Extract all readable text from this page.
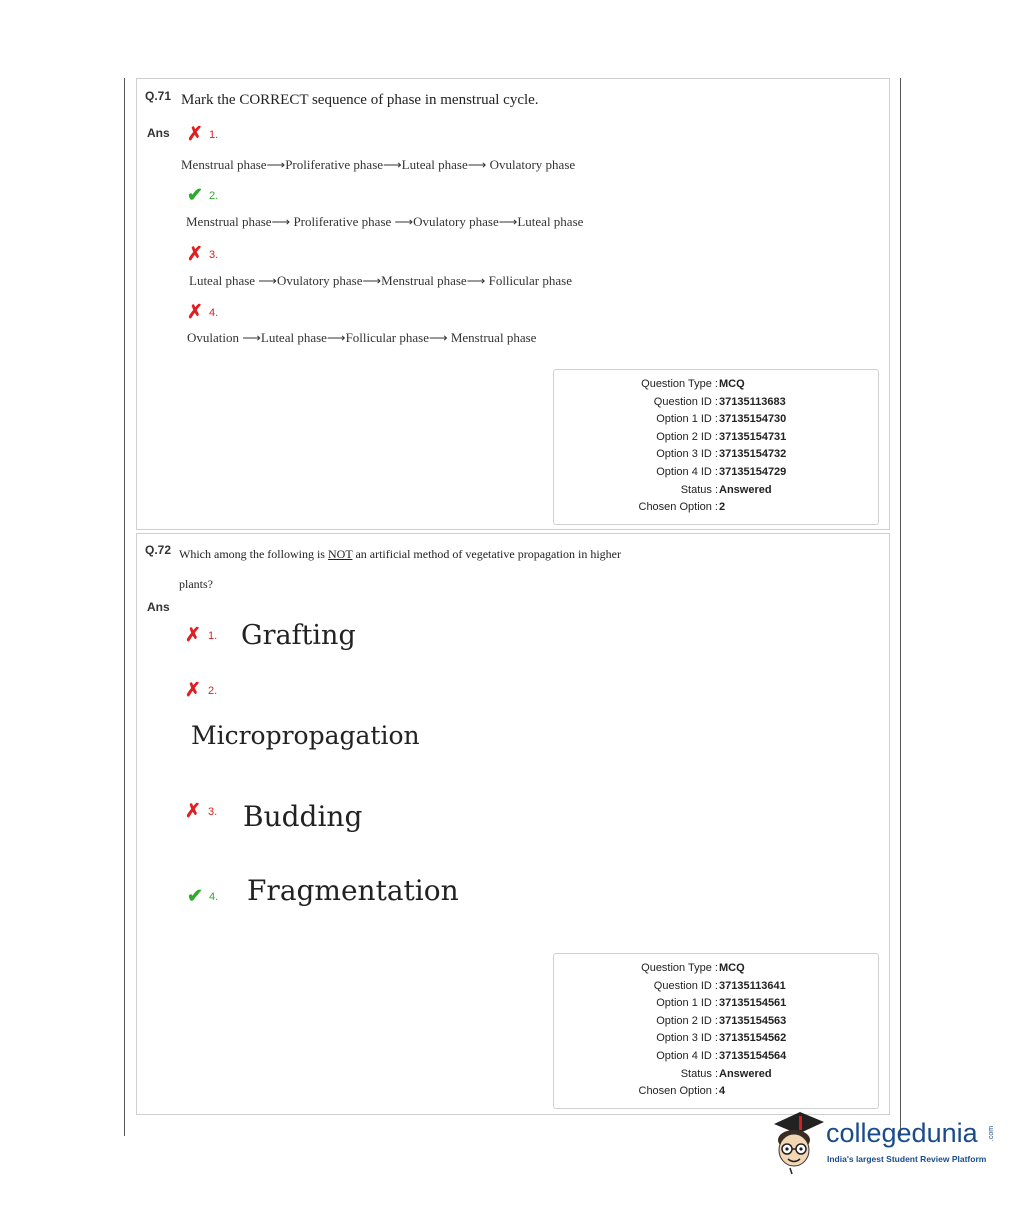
Q.71 Mark the CORRECT sequence of phase in menstrual cycle.
Ans ✗ 1.
Menstrual phase⟶Proliferative phase⟶Luteal phase⟶ Ovulatory phase
✔ 2.
Menstrual phase⟶ Proliferative phase ⟶Ovulatory phase⟶Luteal phase
✗ 3.
Luteal phase ⟶Ovulatory phase⟶Menstrual phase⟶ Follicular phase
✗ 4.
Ovulation ⟶Luteal phase⟶Follicular phase⟶ Menstrual phase
Question Type : MCQ
Question ID : 37135113683
Option 1 ID : 37135154730
Option 2 ID : 37135154731
Option 3 ID : 37135154732
Option 4 ID : 37135154729
Status : Answered
Chosen Option : 2
Q.72 Which among the following is NOT an artificial method of vegetative propagation in higher
plants?
Ans
✗ 1. Grafting
✗ 2.
Micropropagation
✗ 3. Budding
✔ 4. Fragmentation
Question Type : MCQ
Question ID : 37135113641
Option 1 ID : 37135154561
Option 2 ID : 37135154563
Option 3 ID : 37135154562
Option 4 ID : 37135154564
Status : Answered
Chosen Option : 4
collegedunia .com
India's largest Student Review Platform
